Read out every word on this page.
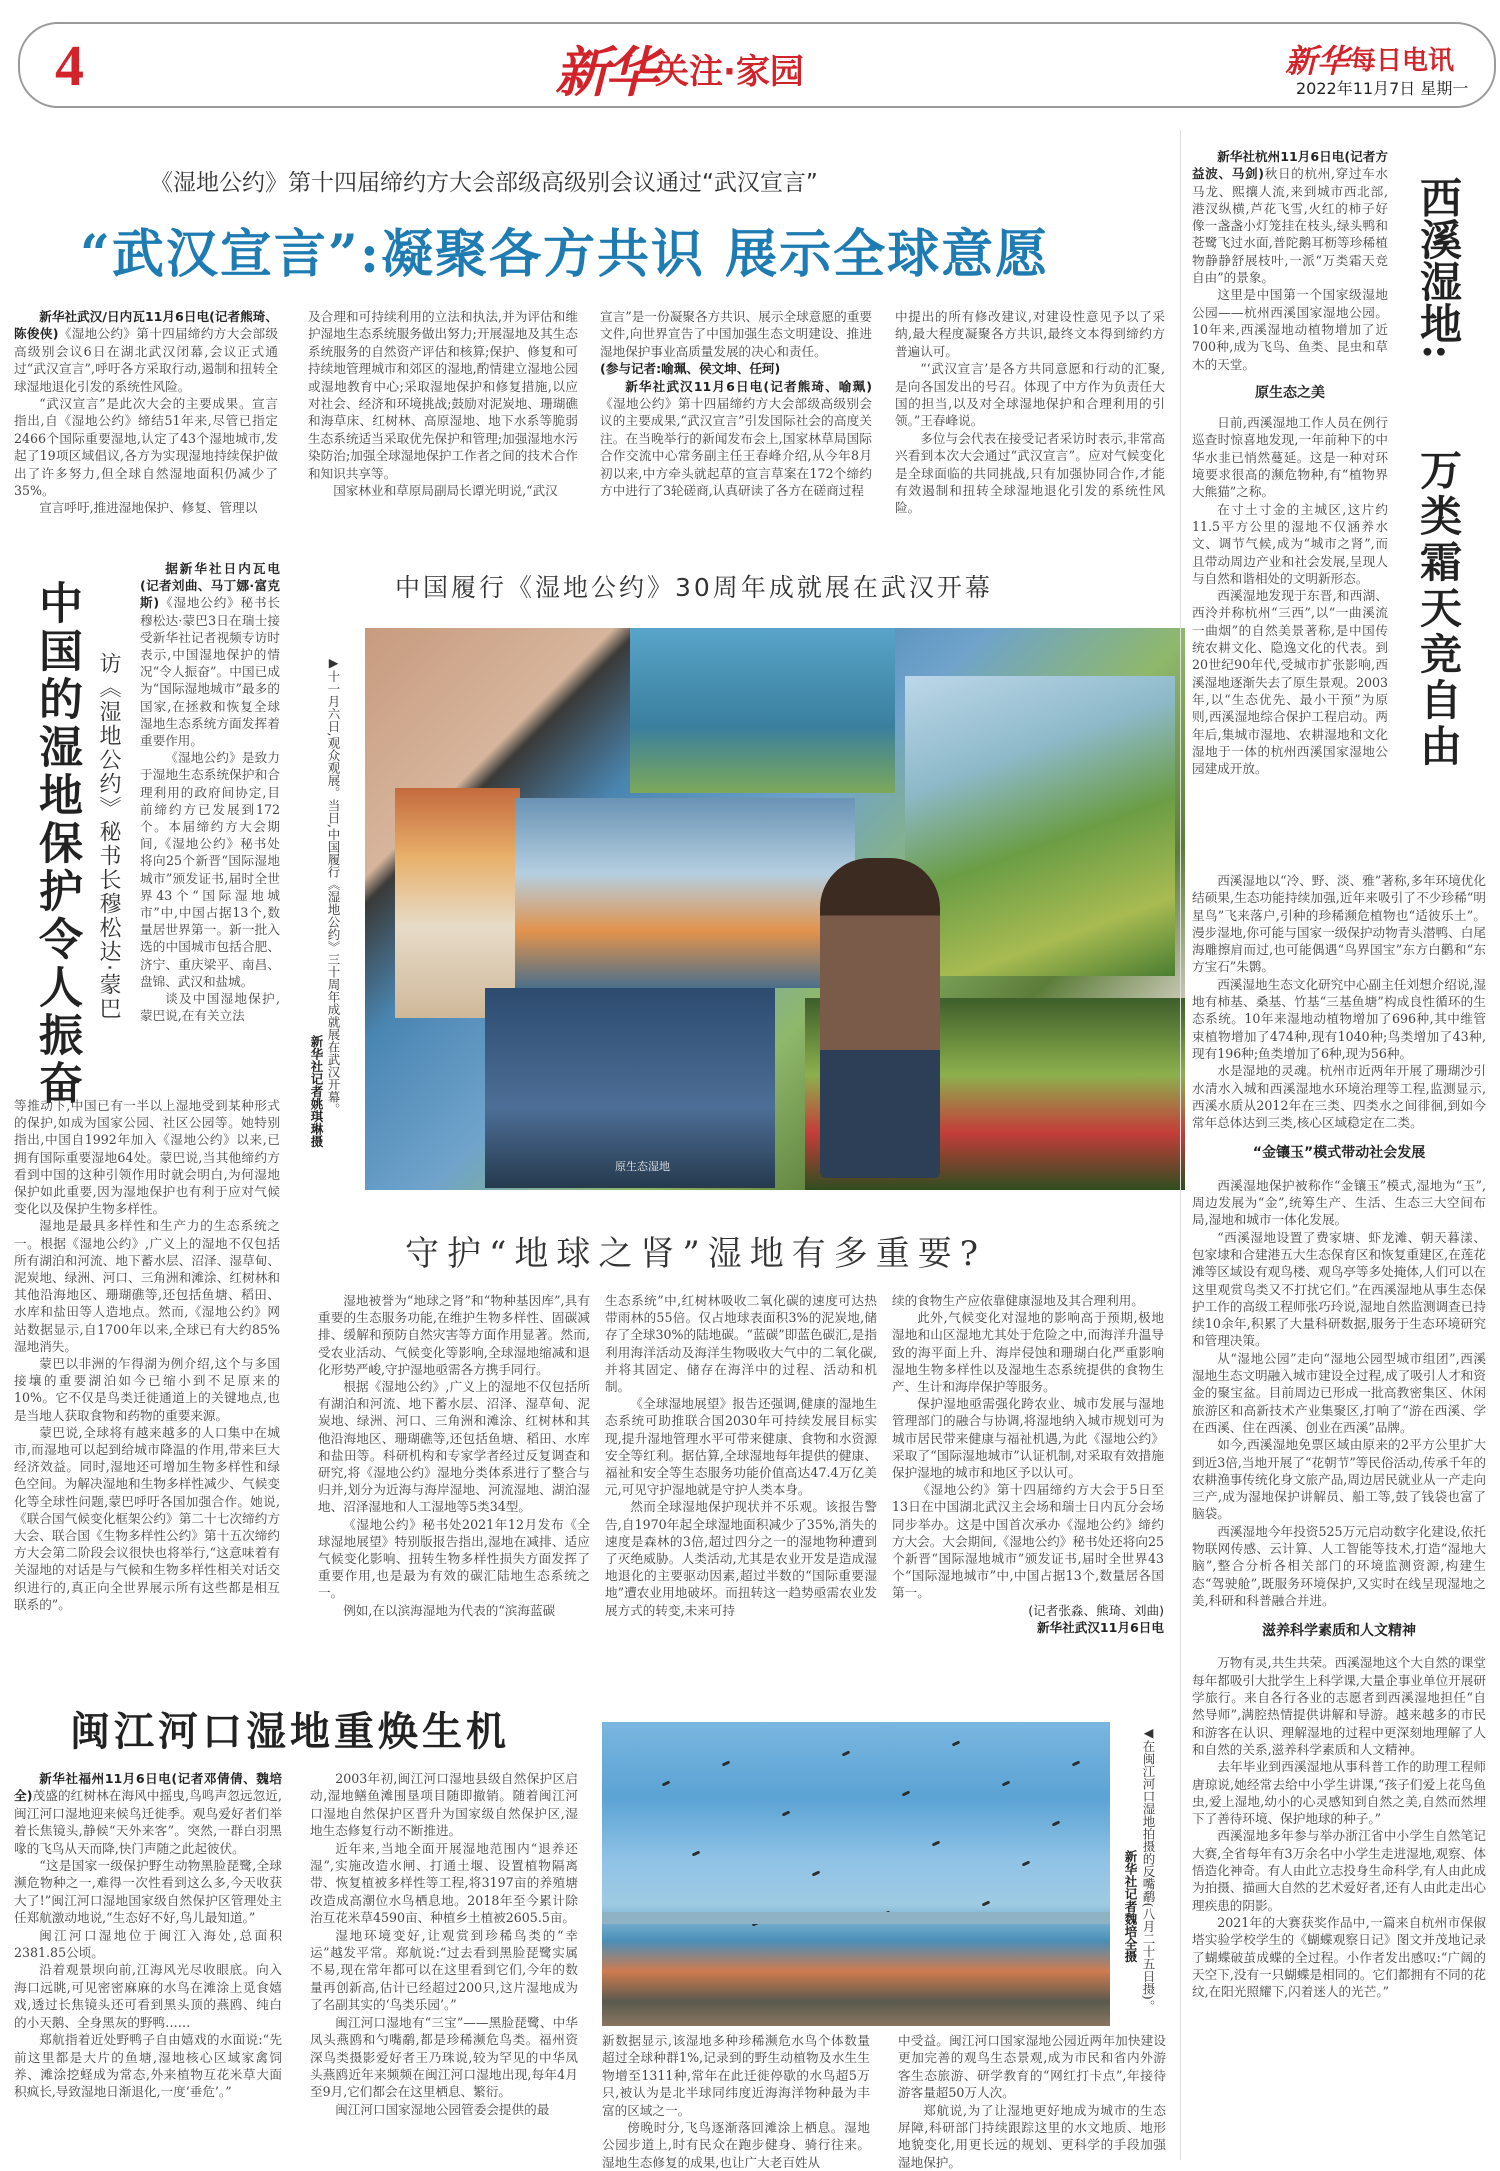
4	新华 关注·家园	新华 每日电讯
2022年11月7日 星期一
《湿地公约》第十四届缔约方大会部级高级别会议通过“武汉宣言”
“武汉宣言”:凝聚各方共识 展示全球意愿

新华社武汉/日内瓦11月6日电(记者熊琦、陈俊侠)《湿地公约》第十四届缔约方大会部级高级别会议6日在湖北武汉闭幕,会议正式通过“武汉宣言”,呼吁各方采取行动,遏制和扭转全球湿地退化引发的系统性风险。

“武汉宣言”是此次大会的主要成果。宣言指出,自《湿地公约》缔结51年来,尽管已指定2466个国际重要湿地,认定了43个湿地城市,发起了19项区域倡议,各方为实现湿地持续保护做出了许多努力,但全球自然湿地面积仍减少了35%。

宣言呼吁,推进湿地保护、修复、管理以

及合理和可持续利用的立法和执法,并为评估和维护湿地生态系统服务做出努力;开展湿地及其生态系统服务的自然资产评估和核算;保护、修复和可持续地管理城市和郊区的湿地,酌情建立湿地公园或湿地教育中心;采取湿地保护和修复措施,以应对社会、经济和环境挑战;鼓励对泥炭地、珊瑚礁和海草床、红树林、高原湿地、地下水系等脆弱生态系统适当采取优先保护和管理;加强湿地水污染防治;加强全球湿地保护工作者之间的技术合作和知识共享等。

国家林业和草原局副局长谭光明说,“武汉

宣言”是一份凝聚各方共识、展示全球意愿的重要文件,向世界宣告了中国加强生态文明建设、推进湿地保护事业高质量发展的决心和责任。

(参与记者:喻珮、侯文坤、任珂)

新华社武汉11月6日电(记者熊琦、喻珮)《湿地公约》第十四届缔约方大会部级高级别会议的主要成果,“武汉宣言”引发国际社会的高度关注。在当晚举行的新闻发布会上,国家林草局国际合作交流中心常务副主任王春峰介绍,从今年8月初以来,中方牵头就起草的宣言草案在172个缔约方中进行了3轮磋商,认真研读了各方在磋商过程

中提出的所有修改建议,对建设性意见予以了采纳,最大程度凝聚各方共识,最终文本得到缔约方普遍认可。

“‘武汉宣言’是各方共同意愿和行动的汇聚,是向各国发出的号召。体现了中方作为负责任大国的担当,以及对全球湿地保护和合理利用的引领。”王春峰说。

多位与会代表在接受记者采访时表示,非常高兴看到本次大会通过“武汉宣言”。应对气候变化是全球面临的共同挑战,只有加强协同合作,才能有效遏制和扭转全球湿地退化引发的系统性风险。

中国的湿地保护令人振奋 访《湿地公约》秘书长穆松达·蒙巴

据新华社日内瓦电(记者刘曲、马丁娜·富克斯)《湿地公约》秘书长穆松达·蒙巴3日在瑞士接受新华社记者视频专访时表示,中国湿地保护的情况“令人振奋”。中国已成为“国际湿地城市”最多的国家,在拯救和恢复全球湿地生态系统方面发挥着重要作用。

《湿地公约》是致力于湿地生态系统保护和合理利用的政府间协定,目前缔约方已发展到172个。本届缔约方大会期间,《湿地公约》秘书处将向25个新晋“国际湿地城市”颁发证书,届时全世界43个“国际湿地城市”中,中国占据13个,数量居世界第一。新一批入选的中国城市包括合肥、济宁、重庆梁平、南昌、盘锦、武汉和盐城。

谈及中国湿地保护,蒙巴说,在有关立法

等推动下,中国已有一半以上湿地受到某种形式的保护,如成为国家公园、社区公园等。她特别指出,中国自1992年加入《湿地公约》以来,已拥有国际重要湿地64处。蒙巴说,当其他缔约方看到中国的这种引领作用时就会明白,为何湿地保护如此重要,因为湿地保护也有利于应对气候变化以及保护生物多样性。

湿地是最具多样性和生产力的生态系统之一。根据《湿地公约》,广义上的湿地不仅包括所有湖泊和河流、地下蓄水层、沼泽、湿草甸、泥炭地、绿洲、河口、三角洲和滩涂、红树林和其他沿海地区、珊瑚礁等,还包括鱼塘、稻田、水库和盐田等人造地点。然而,《湿地公约》网站数据显示,自1700年以来,全球已有大约85%湿地消失。

蒙巴以非洲的乍得湖为例介绍,这个与多国接壤的重要湖泊如今已缩小到不足原来的10%。它不仅是鸟类迁徙通道上的关键地点,也是当地人获取食物和药物的重要来源。

蒙巴说,全球将有越来越多的人口集中在城市,而湿地可以起到给城市降温的作用,带来巨大经济效益。同时,湿地还可增加生物多样性和绿色空间。为解决湿地和生物多样性减少、气候变化等全球性问题,蒙巴呼吁各国加强合作。她说,《联合国气候变化框架公约》第二十七次缔约方大会、联合国《生物多样性公约》第十五次缔约方大会第二阶段会议很快也将举行,“这意味着有关湿地的对话是与气候和生物多样性相关对话交织进行的,真正向全世界展示所有这些都是相互联系的”。

中国履行《湿地公约》30周年成就展在武汉开幕
▶十一月六日,观众观展。当日,中国履行《湿地公约》三十周年成就展在武汉开幕。
新华社记者姚琪琳摄
原生态湿地
守护“地球之肾”湿地有多重要?

湿地被誉为“地球之肾”和“物种基因库”,具有重要的生态服务功能,在维护生物多样性、固碳减排、缓解和预防自然灾害等方面作用显著。然而,受农业活动、气候变化等影响,全球湿地缩减和退化形势严峻,守护湿地亟需各方携手同行。

根据《湿地公约》,广义上的湿地不仅包括所有湖泊和河流、地下蓄水层、沼泽、湿草甸、泥炭地、绿洲、河口、三角洲和滩涂、红树林和其他沿海地区、珊瑚礁等,还包括鱼塘、稻田、水库和盐田等。科研机构和专家学者经过反复调查和研究,将《湿地公约》湿地分类体系进行了整合与归并,划分为近海与海岸湿地、河流湿地、湖泊湿地、沼泽湿地和人工湿地等5类34型。

《湿地公约》秘书处2021年12月发布《全球湿地展望》特别版报告指出,湿地在减排、适应气候变化影响、扭转生物多样性损失方面发挥了重要作用,也是最为有效的碳汇陆地生态系统之一。

例如,在以滨海湿地为代表的“滨海蓝碳

生态系统”中,红树林吸收二氧化碳的速度可达热带雨林的55倍。仅占地球表面积3%的泥炭地,储存了全球30%的陆地碳。“蓝碳”即蓝色碳汇,是指利用海洋活动及海洋生物吸收大气中的二氧化碳,并将其固定、储存在海洋中的过程、活动和机制。

《全球湿地展望》报告还强调,健康的湿地生态系统可助推联合国2030年可持续发展目标实现,提升湿地管理水平可带来健康、食物和水资源安全等红利。据估算,全球湿地每年提供的健康、福祉和安全等生态服务功能价值高达47.4万亿美元,可见守护湿地就是守护人类本身。

然而全球湿地保护现状并不乐观。该报告警告,自1970年起全球湿地面积减少了35%,消失的速度是森林的3倍,超过四分之一的湿地物种遭到了灭绝威胁。人类活动,尤其是农业开发是造成湿地退化的主要驱动因素,超过半数的“国际重要湿地”遭农业用地破坏。而扭转这一趋势亟需农业发展方式的转变,未来可持

续的食物生产应依靠健康湿地及其合理利用。

此外,气候变化对湿地的影响高于预期,极地湿地和山区湿地尤其处于危险之中,而海洋升温导致的海平面上升、海岸侵蚀和珊瑚白化严重影响湿地生物多样性以及湿地生态系统提供的食物生产、生计和海岸保护等服务。

保护湿地亟需强化跨农业、城市发展与湿地管理部门的融合与协调,将湿地纳入城市规划可为城市居民带来健康与福祉机遇,为此《湿地公约》采取了“国际湿地城市”认证机制,对采取有效措施保护湿地的城市和地区予以认可。

《湿地公约》第十四届缔约方大会于5日至13日在中国湖北武汉主会场和瑞士日内瓦分会场同步举办。这是中国首次承办《湿地公约》缔约方大会。大会期间,《湿地公约》秘书处还将向25个新晋“国际湿地城市”颁发证书,届时全世界43个“国际湿地城市”中,中国占据13个,数量居各国第一。

(记者张淼、熊琦、刘曲)

新华社武汉11月6日电

西溪湿地:
万类霜天竞自由

新华社杭州11月6日电(记者方益波、马剑)秋日的杭州,穿过车水马龙、熙攘人流,来到城市西北部,港汊纵横,芦花飞雪,火红的柿子好像一盏盏小灯笼挂在枝头,绿头鸭和苍鹭飞过水面,普陀鹅耳枥等珍稀植物静静舒展枝叶,一派“万类霜天竞自由”的景象。

这里是中国第一个国家级湿地公园——杭州西溪国家湿地公园。10年来,西溪湿地动植物增加了近700种,成为飞鸟、鱼类、昆虫和草木的天堂。

原生态之美

日前,西溪湿地工作人员在例行巡查时惊喜地发现,一年前种下的中华水韭已悄然蔓延。这是一种对环境要求很高的濒危物种,有“植物界大熊猫”之称。

在寸土寸金的主城区,这片约11.5平方公里的湿地不仅涵养水文、调节气候,成为“城市之肾”,而且带动周边产业和社会发展,呈现人与自然和谐相处的文明新形态。

西溪湿地发现于东晋,和西湖、西泠并称杭州“三西”,以“一曲溪流一曲烟”的自然美景著称,是中国传统农耕文化、隐逸文化的代表。到20世纪90年代,受城市扩张影响,西溪湿地逐渐失去了原生景观。2003年,以“生态优先、最小干预”为原则,西溪湿地综合保护工程启动。两年后,集城市湿地、农耕湿地和文化湿地于一体的杭州西溪国家湿地公园建成开放。

西溪湿地以“冷、野、淡、雅”著称,多年环境优化结硕果,生态功能持续加强,近年来吸引了不少珍稀“明星鸟”飞来落户,引种的珍稀濒危植物也“适彼乐土”。漫步湿地,你可能与国家一级保护动物青头潜鸭、白尾海雕擦肩而过,也可能偶遇“鸟界国宝”东方白鹳和“东方宝石”朱鹮。

西溪湿地生态文化研究中心副主任刘想介绍说,湿地有柿基、桑基、竹基“三基鱼塘”构成良性循环的生态系统。10年来湿地动植物增加了696种,其中维管束植物增加了474种,现有1040种;鸟类增加了43种,现有196种;鱼类增加了6种,现为56种。

水是湿地的灵魂。杭州市近两年开展了珊瑚沙引水清水入城和西溪湿地水环境治理等工程,监测显示,西溪水质从2012年在三类、四类水之间徘徊,到如今常年总体达到三类,核心区域稳定在二类。

“金镶玉”模式带动社会发展

西溪湿地保护被称作“金镶玉”模式,湿地为“玉”,周边发展为“金”,统筹生产、生活、生态三大空间布局,湿地和城市一体化发展。

“西溪湿地设置了费家塘、虾龙滩、朝天暮漾、包家埭和合建港五大生态保育区和恢复重建区,在莲花滩等区域设有观鸟楼、观鸟亭等多处掩体,人们可以在这里观赏鸟类又不打扰它们。”在西溪湿地从事生态保护工作的高级工程师张巧玲说,湿地自然监测调查已持续10余年,积累了大量科研数据,服务于生态环境研究和管理决策。

从“湿地公园”走向“湿地公园型城市组团”,西溪湿地生态文明融入城市建设全过程,成了吸引人才和资金的聚宝盆。目前周边已形成一批高教密集区、休闲旅游区和高新技术产业集聚区,打响了“游在西溪、学在西溪、住在西溪、创业在西溪”品牌。

如今,西溪湿地免票区域由原来的2平方公里扩大到近3倍,当地开展了“花朝节”等民俗活动,传承千年的农耕渔事传统化身文旅产品,周边居民就业从一产走向三产,成为湿地保护讲解员、船工等,鼓了钱袋也富了脑袋。

西溪湿地今年投资525万元启动数字化建设,依托物联网传感、云计算、人工智能等技术,打造“湿地大脑”,整合分析各相关部门的环境监测资源,构建生态“驾驶舱”,既服务环境保护,又实时在线呈现湿地之美,科研和科普融合并进。

滋养科学素质和人文精神

万物有灵,共生共荣。西溪湿地这个大自然的课堂每年都吸引大批学生上科学课,大量企事业单位开展研学旅行。来自各行各业的志愿者到西溪湿地担任“自然导师”,满腔热情提供讲解和导游。越来越多的市民和游客在认识、理解湿地的过程中更深刻地理解了人和自然的关系,滋养科学素质和人文精神。

去年毕业到西溪湿地从事科普工作的助理工程师唐琼说,她经常去给中小学生讲课,“孩子们爱上花鸟鱼虫,爱上湿地,幼小的心灵感知到自然之美,自然而然埋下了善待环境、保护地球的种子。”

西溪湿地多年参与举办浙江省中小学生自然笔记大赛,全省每年有3万余名中小学生走进湿地,观察、体悟造化神奇。有人由此立志投身生命科学,有人由此成为拍摄、描画大自然的艺术爱好者,还有人由此走出心理疾患的阴影。

2021年的大赛获奖作品中,一篇来自杭州市保俶塔实验学校学生的《蝴蝶观察日记》图文并茂地记录了蝴蝶破茧成蝶的全过程。小作者发出感叹:“广阔的天空下,没有一只蝴蝶是相同的。它们都拥有不同的花纹,在阳光照耀下,闪着迷人的光芒。”

闽江河口湿地重焕生机

新华社福州11月6日电(记者邓倩倩、魏培全)茂盛的红树林在海风中摇曳,鸟鸣声忽远忽近,闽江河口湿地迎来候鸟迁徙季。观鸟爱好者们举着长焦镜头,静候“天外来客”。突然,一群白羽黑喙的飞鸟从天而降,快门声随之此起彼伏。

“这是国家一级保护野生动物黑脸琵鹭,全球濒危物种之一,难得一次性看到这么多,今天收获大了!”闽江河口湿地国家级自然保护区管理处主任郑航激动地说,“生态好不好,鸟儿最知道。”

闽江河口湿地位于闽江入海处,总面积2381.85公顷。

沿着观景坝向前,江海风光尽收眼底。向入海口远眺,可见密密麻麻的水鸟在滩涂上觅食嬉戏,透过长焦镜头还可看到黑头顶的燕鸥、纯白的小天鹅、全身黑灰的野鸭……

郑航指着近处野鸭子自由嬉戏的水面说:“先前这里都是大片的鱼塘,湿地核心区域家禽饲养、滩涂挖蛏成为常态,外来植物互花米草大面积疯长,导致湿地日渐退化,一度‘垂危’。”

2003年初,闽江河口湿地县级自然保护区启动,湿地鳝鱼滩围垦项目随即撤销。随着闽江河口湿地自然保护区晋升为国家级自然保护区,湿地生态修复行动不断推进。

近年来,当地全面开展湿地范围内“退养还湿”,实施改造水闸、打通土堰、设置植物隔离带、恢复植被多样性等工程,将3197亩的养殖塘改造成高潮位水鸟栖息地。2018年至今累计除治互花米草4590亩、种植乡土植被2605.5亩。

湿地环境变好,让观赏到珍稀鸟类的“幸运”越发平常。郑航说:“过去看到黑脸琵鹭实属不易,现在常年都可以在这里看到它们,今年的数量再创新高,估计已经超过200只,这片湿地成为了名副其实的‘鸟类乐园’。”

闽江河口湿地有“三宝”——黑脸琵鹭、中华凤头燕鸥和勺嘴鹬,都是珍稀濒危鸟类。福州资深鸟类摄影爱好者王乃珠说,较为罕见的中华凤头燕鸥近年来频频在闽江河口湿地出现,每年4月至9月,它们都会在这里栖息、繁衍。

闽江河口国家湿地公园管委会提供的最

◀在闽江河口湿地拍摄的反嘴鹬(八月二十五日摄)。
新华社记者魏培全摄

新数据显示,该湿地多种珍稀濒危水鸟个体数量超过全球种群1%,记录到的野生动植物及水生生物增至1311种,常年在此迁徙停歇的水鸟超5万只,被认为是北半球同纬度近海海洋物种最为丰富的区域之一。

傍晚时分,飞鸟逐渐落回滩涂上栖息。湿地公园步道上,时有民众在跑步健身、骑行往来。湿地生态修复的成果,也让广大老百姓从

中受益。闽江河口国家湿地公园近两年加快建设更加完善的观鸟生态景观,成为市民和省内外游客生态旅游、研学教育的“网红打卡点”,年接待游客量超50万人次。

郑航说,为了让湿地更好地成为城市的生态屏障,科研部门持续跟踪这里的水文地质、地形地貌变化,用更长远的规划、更科学的手段加强湿地保护。
